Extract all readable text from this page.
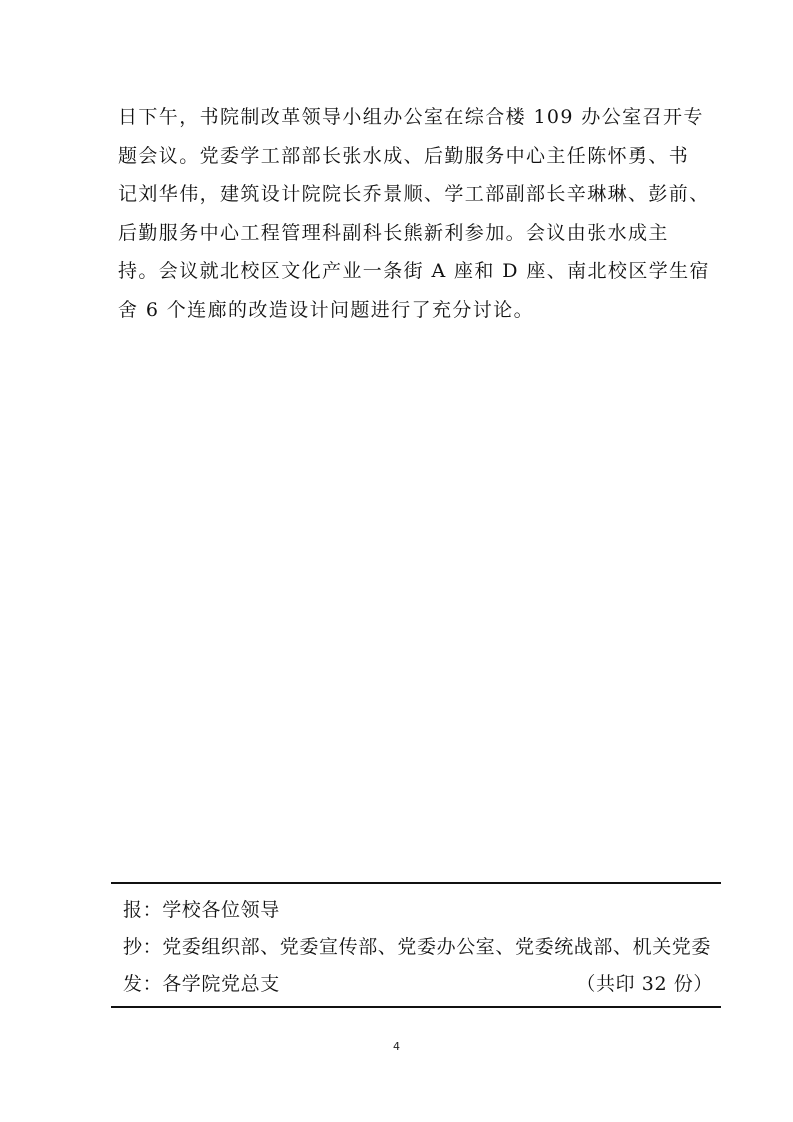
日下午，书院制改革领导小组办公室在综合楼 109 办公室召开专
题会议。党委学工部部长张水成、后勤服务中心主任陈怀勇、书
记刘华伟，建筑设计院院长乔景顺、学工部副部长辛琳琳、彭前、
后勤服务中心工程管理科副科长熊新利参加。会议由张水成主
持。会议就北校区文化产业一条街 A 座和 D 座、南北校区学生宿
舍 6 个连廊的改造设计问题进行了充分讨论。
报：学校各位领导
抄：党委组织部、党委宣传部、党委办公室、党委统战部、机关党委
发：各学院党总支	（共印 32 份）
4
